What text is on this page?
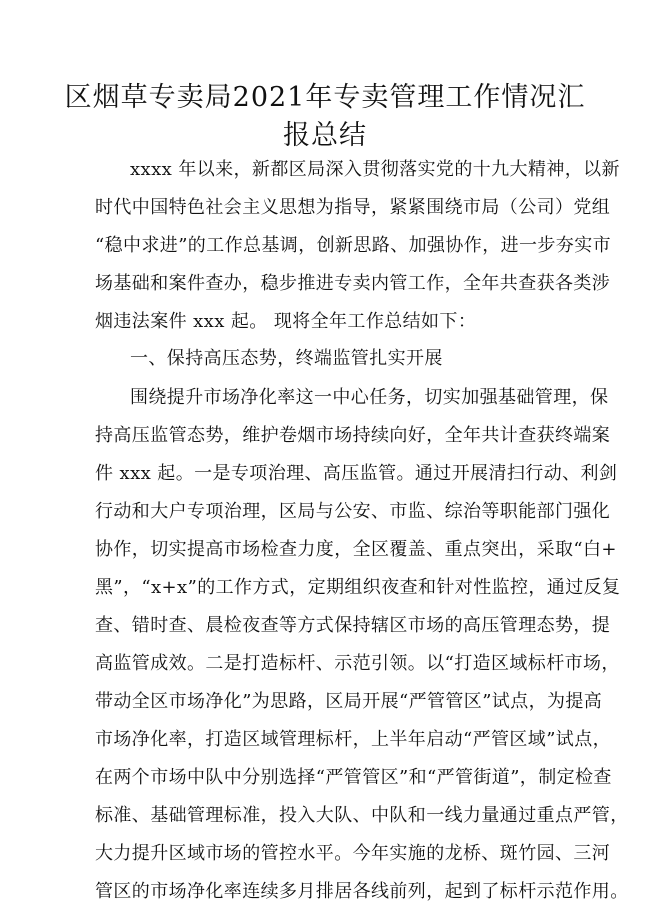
区烟草专卖局2021年专卖管理工作情况汇
报总结
xxxx 年以来，新都区局深入贯彻落实党的十九大精神，以新
时代中国特色社会主义思想为指导，紧紧围绕市局（公司）党组
“稳中求进”的工作总基调，创新思路、加强协作，进一步夯实市
场基础和案件查办，稳步推进专卖内管工作，全年共查获各类涉
烟违法案件 xxx 起。 现将全年工作总结如下：
一、保持高压态势，终端监管扎实开展
围绕提升市场净化率这一中心任务，切实加强基础管理，保
持高压监管态势，维护卷烟市场持续向好，全年共计查获终端案
件 xxx 起。一是专项治理、高压监管。通过开展清扫行动、利剑
行动和大户专项治理，区局与公安、市监、综治等职能部门强化
协作，切实提高市场检查力度，全区覆盖、重点突出，采取“白+
黑”，“x+x”的工作方式，定期组织夜查和针对性监控，通过反复
查、错时查、晨检夜查等方式保持辖区市场的高压管理态势，提
高监管成效。二是打造标杆、示范引领。以“打造区域标杆市场，
带动全区市场净化”为思路，区局开展“严管管区”试点，为提高
市场净化率，打造区域管理标杆，上半年启动“严管区域”试点，
在两个市场中队中分别选择“严管管区”和“严管街道”，制定检查
标准、基础管理标准，投入大队、中队和一线力量通过重点严管，
大力提升区域市场的管控水平。今年实施的龙桥、斑竹园、三河
管区的市场净化率连续多月排居各线前列，起到了标杆示范作用。
